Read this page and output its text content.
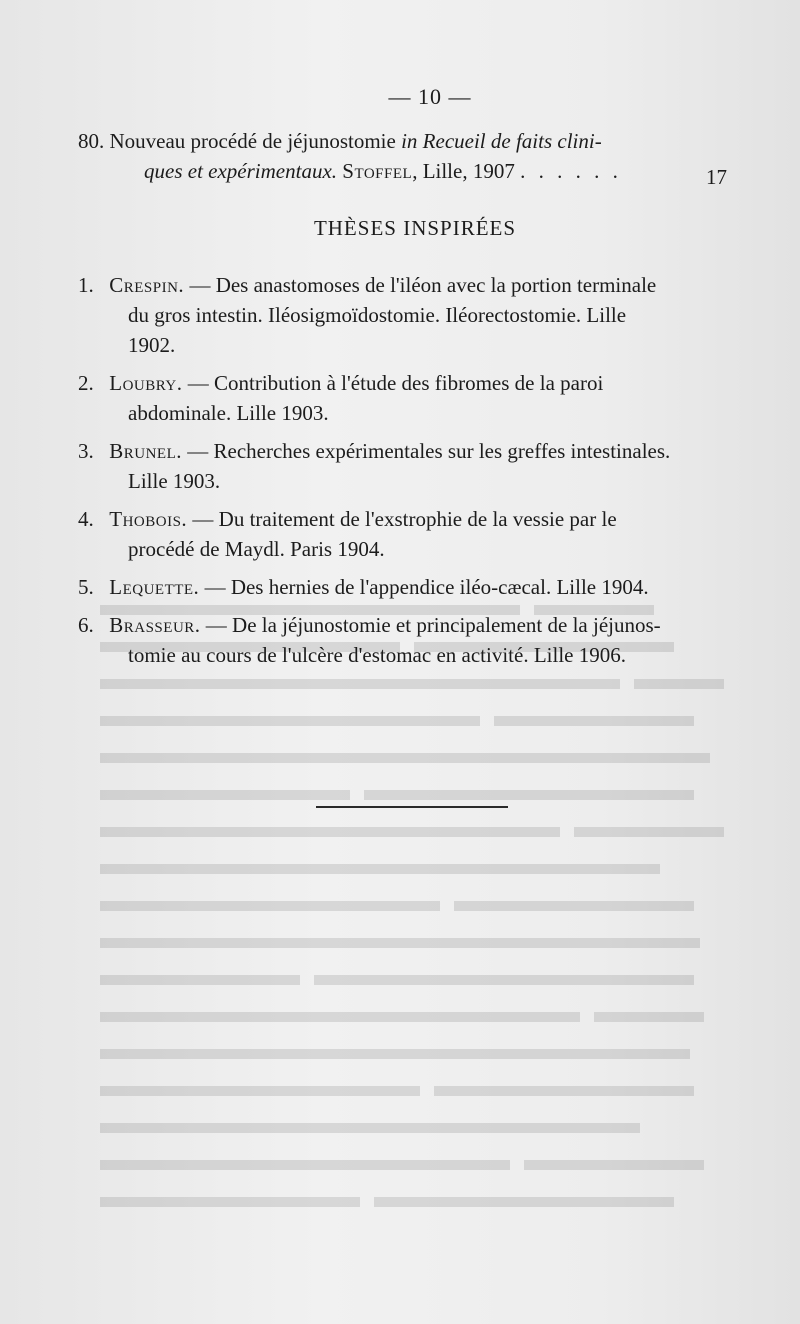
— 10 —
80. Nouveau procédé de jéjunostomie in Recueil de faits clini-
ques et expérimentaux. Stoffel, Lille, 1907 . . . . . .	17
THÈSES INSPIRÉES
1. Crespin. — Des anastomoses de l'iléon avec la portion terminale
du gros intestin. Iléosigmoïdostomie. Iléorectostomie. Lille
1902.
2. Loubry. — Contribution à l'étude des fibromes de la paroi
abdominale. Lille 1903.
3. Brunel. — Recherches expérimentales sur les greffes intestinales.
Lille 1903.
4. Thobois. — Du traitement de l'exstrophie de la vessie par le
procédé de Maydl. Paris 1904.
5. Lequette. — Des hernies de l'appendice iléo-cæcal. Lille 1904.
6. Brasseur. — De la jéjunostomie et principalement de la jéjunos-
tomie au cours de l'ulcère d'estomac en activité. Lille 1906.
